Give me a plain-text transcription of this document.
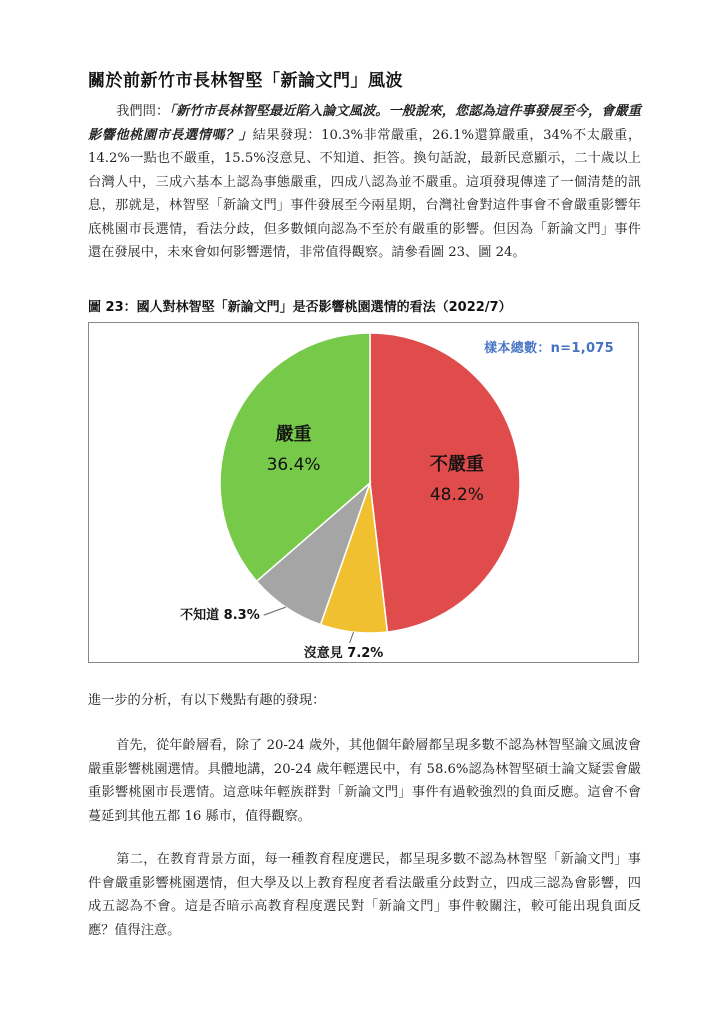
關於前新竹市長林智堅「新論文門」風波
我們問：「新竹市長林智堅最近陷入論文風波。一般說來，您認為這件事發展至今，會嚴重影響他桃園市長選情嗎？」結果發現：10.3%非常嚴重，26.1%還算嚴重，34%不太嚴重，14.2%一點也不嚴重，15.5%沒意見、不知道、拒答。換句話說，最新民意顯示，二十歲以上台灣人中，三成六基本上認為事態嚴重，四成八認為並不嚴重。這項發現傳達了一個清楚的訊息，那就是，林智堅「新論文門」事件發展至今兩星期，台灣社會對這件事會不會嚴重影響年底桃園市長選情，看法分歧，但多數傾向認為不至於有嚴重的影響。但因為「新論文門」事件還在發展中，未來會如何影響選情，非常值得觀察。請參看圖 23、圖 24。
圖 23：國人對林智堅「新論文門」是否影響桃園選情的看法（2022/7）
樣本總數：n=1,075
不嚴重
48.2%
沒意見 7.2%
不知道 8.3%
嚴重
36.4%
進一步的分析，有以下幾點有趣的發現：
首先，從年齡層看，除了 20-24 歲外，其他個年齡層都呈現多數不認為林智堅論文風波會嚴重影響桃園選情。具體地講，20-24 歲年輕選民中，有 58.6%認為林智堅碩士論文疑雲會嚴重影響桃園市長選情。這意味年輕族群對「新論文門」事件有過較強烈的負面反應。這會不會蔓延到其他五都 16 縣市，值得觀察。
第二，在教育背景方面，每一種教育程度選民，都呈現多數不認為林智堅「新論文門」事件會嚴重影響桃園選情，但大學及以上教育程度者看法嚴重分歧對立，四成三認為會影響，四成五認為不會。這是否暗示高教育程度選民對「新論文門」事件較關注，較可能出現負面反應？值得注意。
